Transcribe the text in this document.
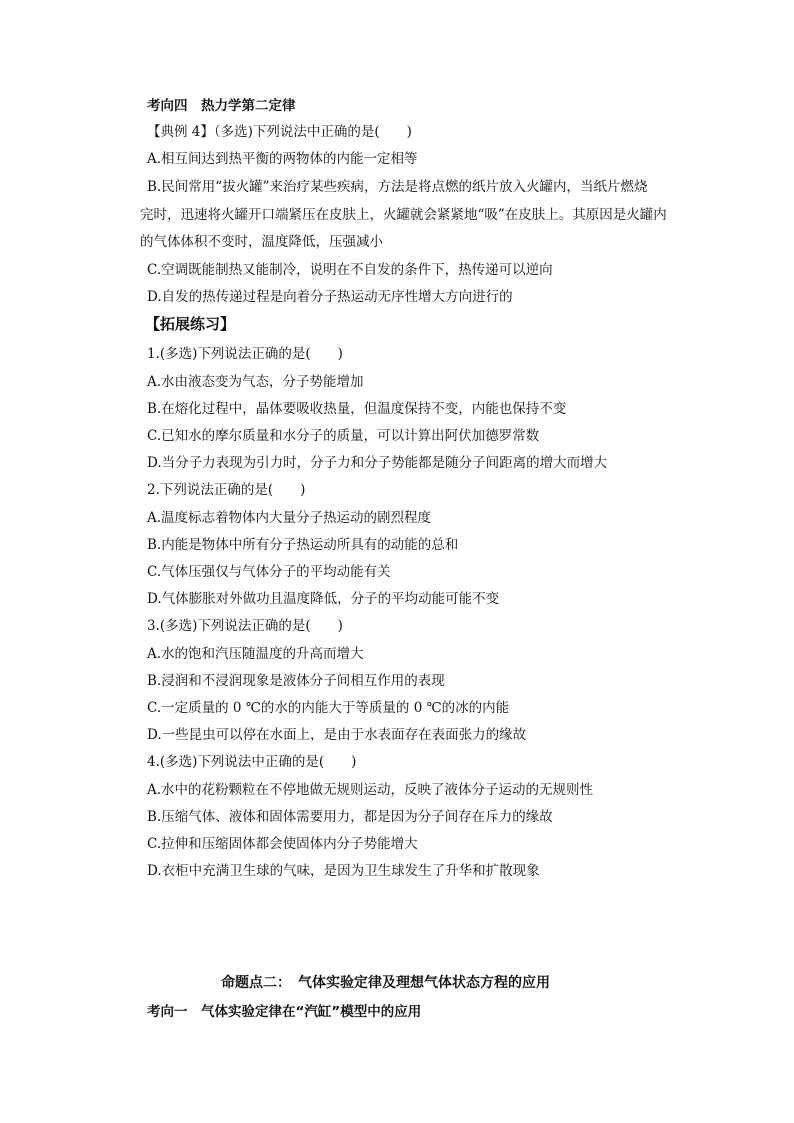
考向四　热力学第二定律
【典例 4】（多选)下列说法中正确的是(　　)
A.相互间达到热平衡的两物体的内能一定相等
B.民间常用“拔火罐”来治疗某些疾病，方法是将点燃的纸片放入火罐内，当纸片燃烧
完时，迅速将火罐开口端紧压在皮肤上，火罐就会紧紧地“吸”在皮肤上。其原因是火罐内
的气体体积不变时，温度降低，压强减小
C.空调既能制热又能制冷，说明在不自发的条件下，热传递可以逆向
D.自发的热传递过程是向着分子热运动无序性增大方向进行的
【拓展练习】
1.(多选)下列说法正确的是(　　)
A.水由液态变为气态，分子势能增加
B.在熔化过程中，晶体要吸收热量，但温度保持不变，内能也保持不变
C.已知水的摩尔质量和水分子的质量，可以计算出阿伏加德罗常数
D.当分子力表现为引力时，分子力和分子势能都是随分子间距离的增大而增大
2.下列说法正确的是(　　)
A.温度标志着物体内大量分子热运动的剧烈程度
B.内能是物体中所有分子热运动所具有的动能的总和
C.气体压强仅与气体分子的平均动能有关
D.气体膨胀对外做功且温度降低，分子的平均动能可能不变
3.(多选)下列说法正确的是(　　)
A.水的饱和汽压随温度的升高而增大
B.浸润和不浸润现象是液体分子间相互作用的表现
C.一定质量的 0 ℃的水的内能大于等质量的 0 ℃的冰的内能
D.一些昆虫可以停在水面上，是由于水表面存在表面张力的缘故
4.(多选)下列说法中正确的是(　　)
A.水中的花粉颗粒在不停地做无规则运动，反映了液体分子运动的无规则性
B.压缩气体、液体和固体需要用力，都是因为分子间存在斥力的缘故
C.拉伸和压缩固体都会使固体内分子势能增大
D.衣柜中充满卫生球的气味，是因为卫生球发生了升华和扩散现象
命题点二：　气体实验定律及理想气体状态方程的应用
考向一　气体实验定律在“汽缸”模型中的应用
